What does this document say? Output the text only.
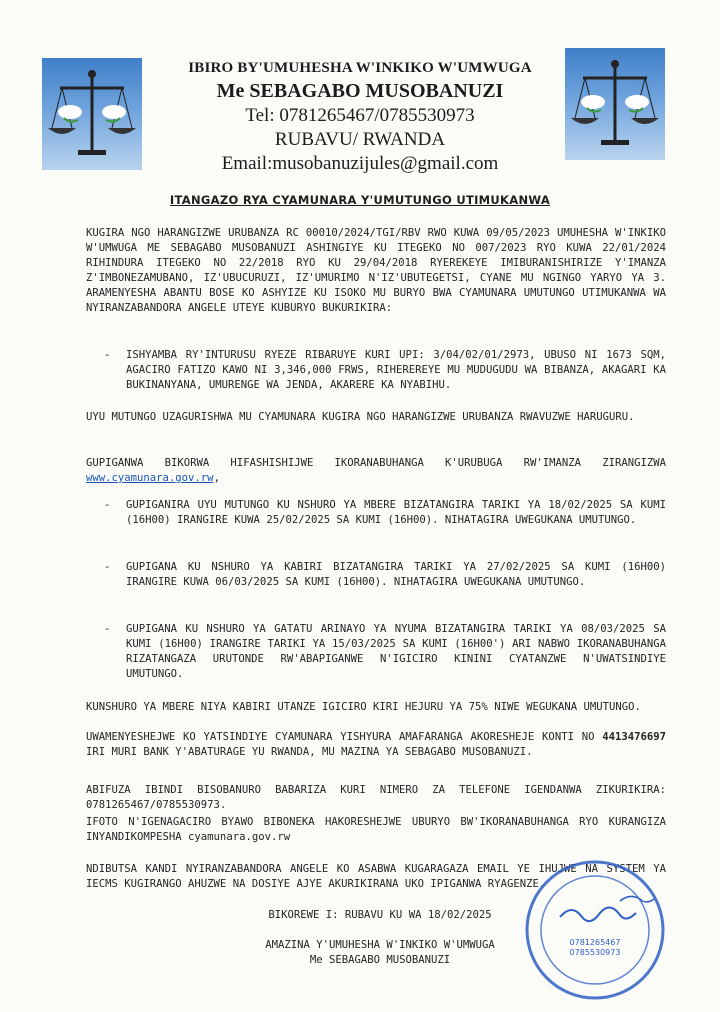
IBIRO BY'UMUHESHA W'INKIKO W'UMWUGA
Me SEBAGABO MUSOBANUZI
Tel: 0781265467/0785530973
RUBAVU/ RWANDA
Email:musobanuzijules@gmail.com
ITANGAZO RYA CYAMUNARA Y'UMUTUNGO UTIMUKANWA

KUGIRA NGO HARANGIZWE URUBANZA RC 00010/2024/TGI/RBV RWO KUWA 09/05/2023 UMUHESHA W'INKIKO W'UMWUGA ME SEBAGABO MUSOBANUZI ASHINGIYE KU ITEGEKO NO 007/2023 RYO KUWA 22/01/2024 RIHINDURA ITEGEKO NO 22/2018 RYO KU 29/04/2018 RYEREKEYE IMIBURANISHIRIZE Y'IMANZA Z'IMBONEZAMUBANO, IZ'UBUCURUZI, IZ'UMURIMO N'IZ'UBUTEGETSI, CYANE MU NGINGO YARYO YA 3. ARAMENYESHA ABANTU BOSE KO ASHYIZE KU ISOKO MU BURYO BWA CYAMUNARA UMUTUNGO UTIMUKANWA WA NYIRANZABANDORA ANGELE UTEYE KUBURYO BUKURIKIRA:

- ISHYAMBA RY'INTURUSU RYEZE RIBARUYE KURI UPI: 3/04/02/01/2973, UBUSO NI 1673 SQM, AGACIRO FATIZO KAWO NI 3,346,000 FRWS, RIHEREREYE MU MUDUGUDU WA BIBANZA, AKAGARI KA BUKINANYANA, UMURENGE WA JENDA, AKARERE KA NYABIHU.

UYU MUTUNGO UZAGURISHWA MU CYAMUNARA KUGIRA NGO HARANGIZWE URUBANZA RWAVUZWE HARUGURU.

GUPIGANWA BIKORWA HIFASHISHIJWE IKORANABUHANGA K'URUBUGA RW'IMANZA ZIRANGIZWA www.cyamunara.gov.rw,

- GUPIGANIRA UYU MUTUNGO KU NSHURO YA MBERE BIZATANGIRA TARIKI YA 18/02/2025 SA KUMI (16H00) IRANGIRE KUWA 25/02/2025 SA KUMI (16H00). NIHATAGIRA UWEGUKANA UMUTUNGO.
- GUPIGANA KU NSHURO YA KABIRI BIZATANGIRA TARIKI YA 27/02/2025 SA KUMI (16H00) IRANGIRE KUWA 06/03/2025 SA KUMI (16H00). NIHATAGIRA UWEGUKANA UMUTUNGO.
- GUPIGANA KU NSHURO YA GATATU ARINAYO YA NYUMA BIZATANGIRA TARIKI YA 08/03/2025 SA KUMI (16H00) IRANGIRE TARIKI YA 15/03/2025 SA KUMI (16H00') ARI NABWO IKORANABUHANGA RIZATANGAZA URUTONDE RW'ABAPIGANWE N'IGICIRO KININI CYATANZWE N'UWATSINDIYE UMUTUNGO.

KUNSHURO YA MBERE NIYA KABIRI UTANZE IGICIRO KIRI HEJURU YA 75% NIWE WEGUKANA UMUTUNGO.

UWAMENYESHEJWE KO YATSINDIYE CYAMUNARA YISHYURA AMAFARANGA AKORESHEJE KONTI NO 4413476697 IRI MURI BANK Y'ABATURAGE YU RWANDA, MU MAZINA YA SEBAGABO MUSOBANUZI.

ABIFUZA IBINDI BISOBANURO BABARIZA KURI NIMERO ZA TELEFONE IGENDANWA ZIKURIKIRA: 0781265467/0785530973.

IFOTO N'IGENAGACIRO BYAWO BIBONEKA HAKORESHEJWE UBURYO BW'IKORANABUHANGA RYO KURANGIZA INYANDIKOMPESHA cyamunara.gov.rw

NDIBUTSA KANDI NYIRANZABANDORA ANGELE KO ASABWA KUGARAGAZA EMAIL YE IHUJWE NA SYSTEM YA IECMS KUGIRANGO AHUZWE NA DOSIYE AJYE AKURIKIRANA UKO IPIGANWA RYAGENZE.

BIKOREWE I: RUBAVU KU WA 18/02/2025
AMAZINA Y'UMUHESHA W'INKIKO W'UMWUGA
Me SEBAGABO MUSOBANUZI
0781265467
0785530973
